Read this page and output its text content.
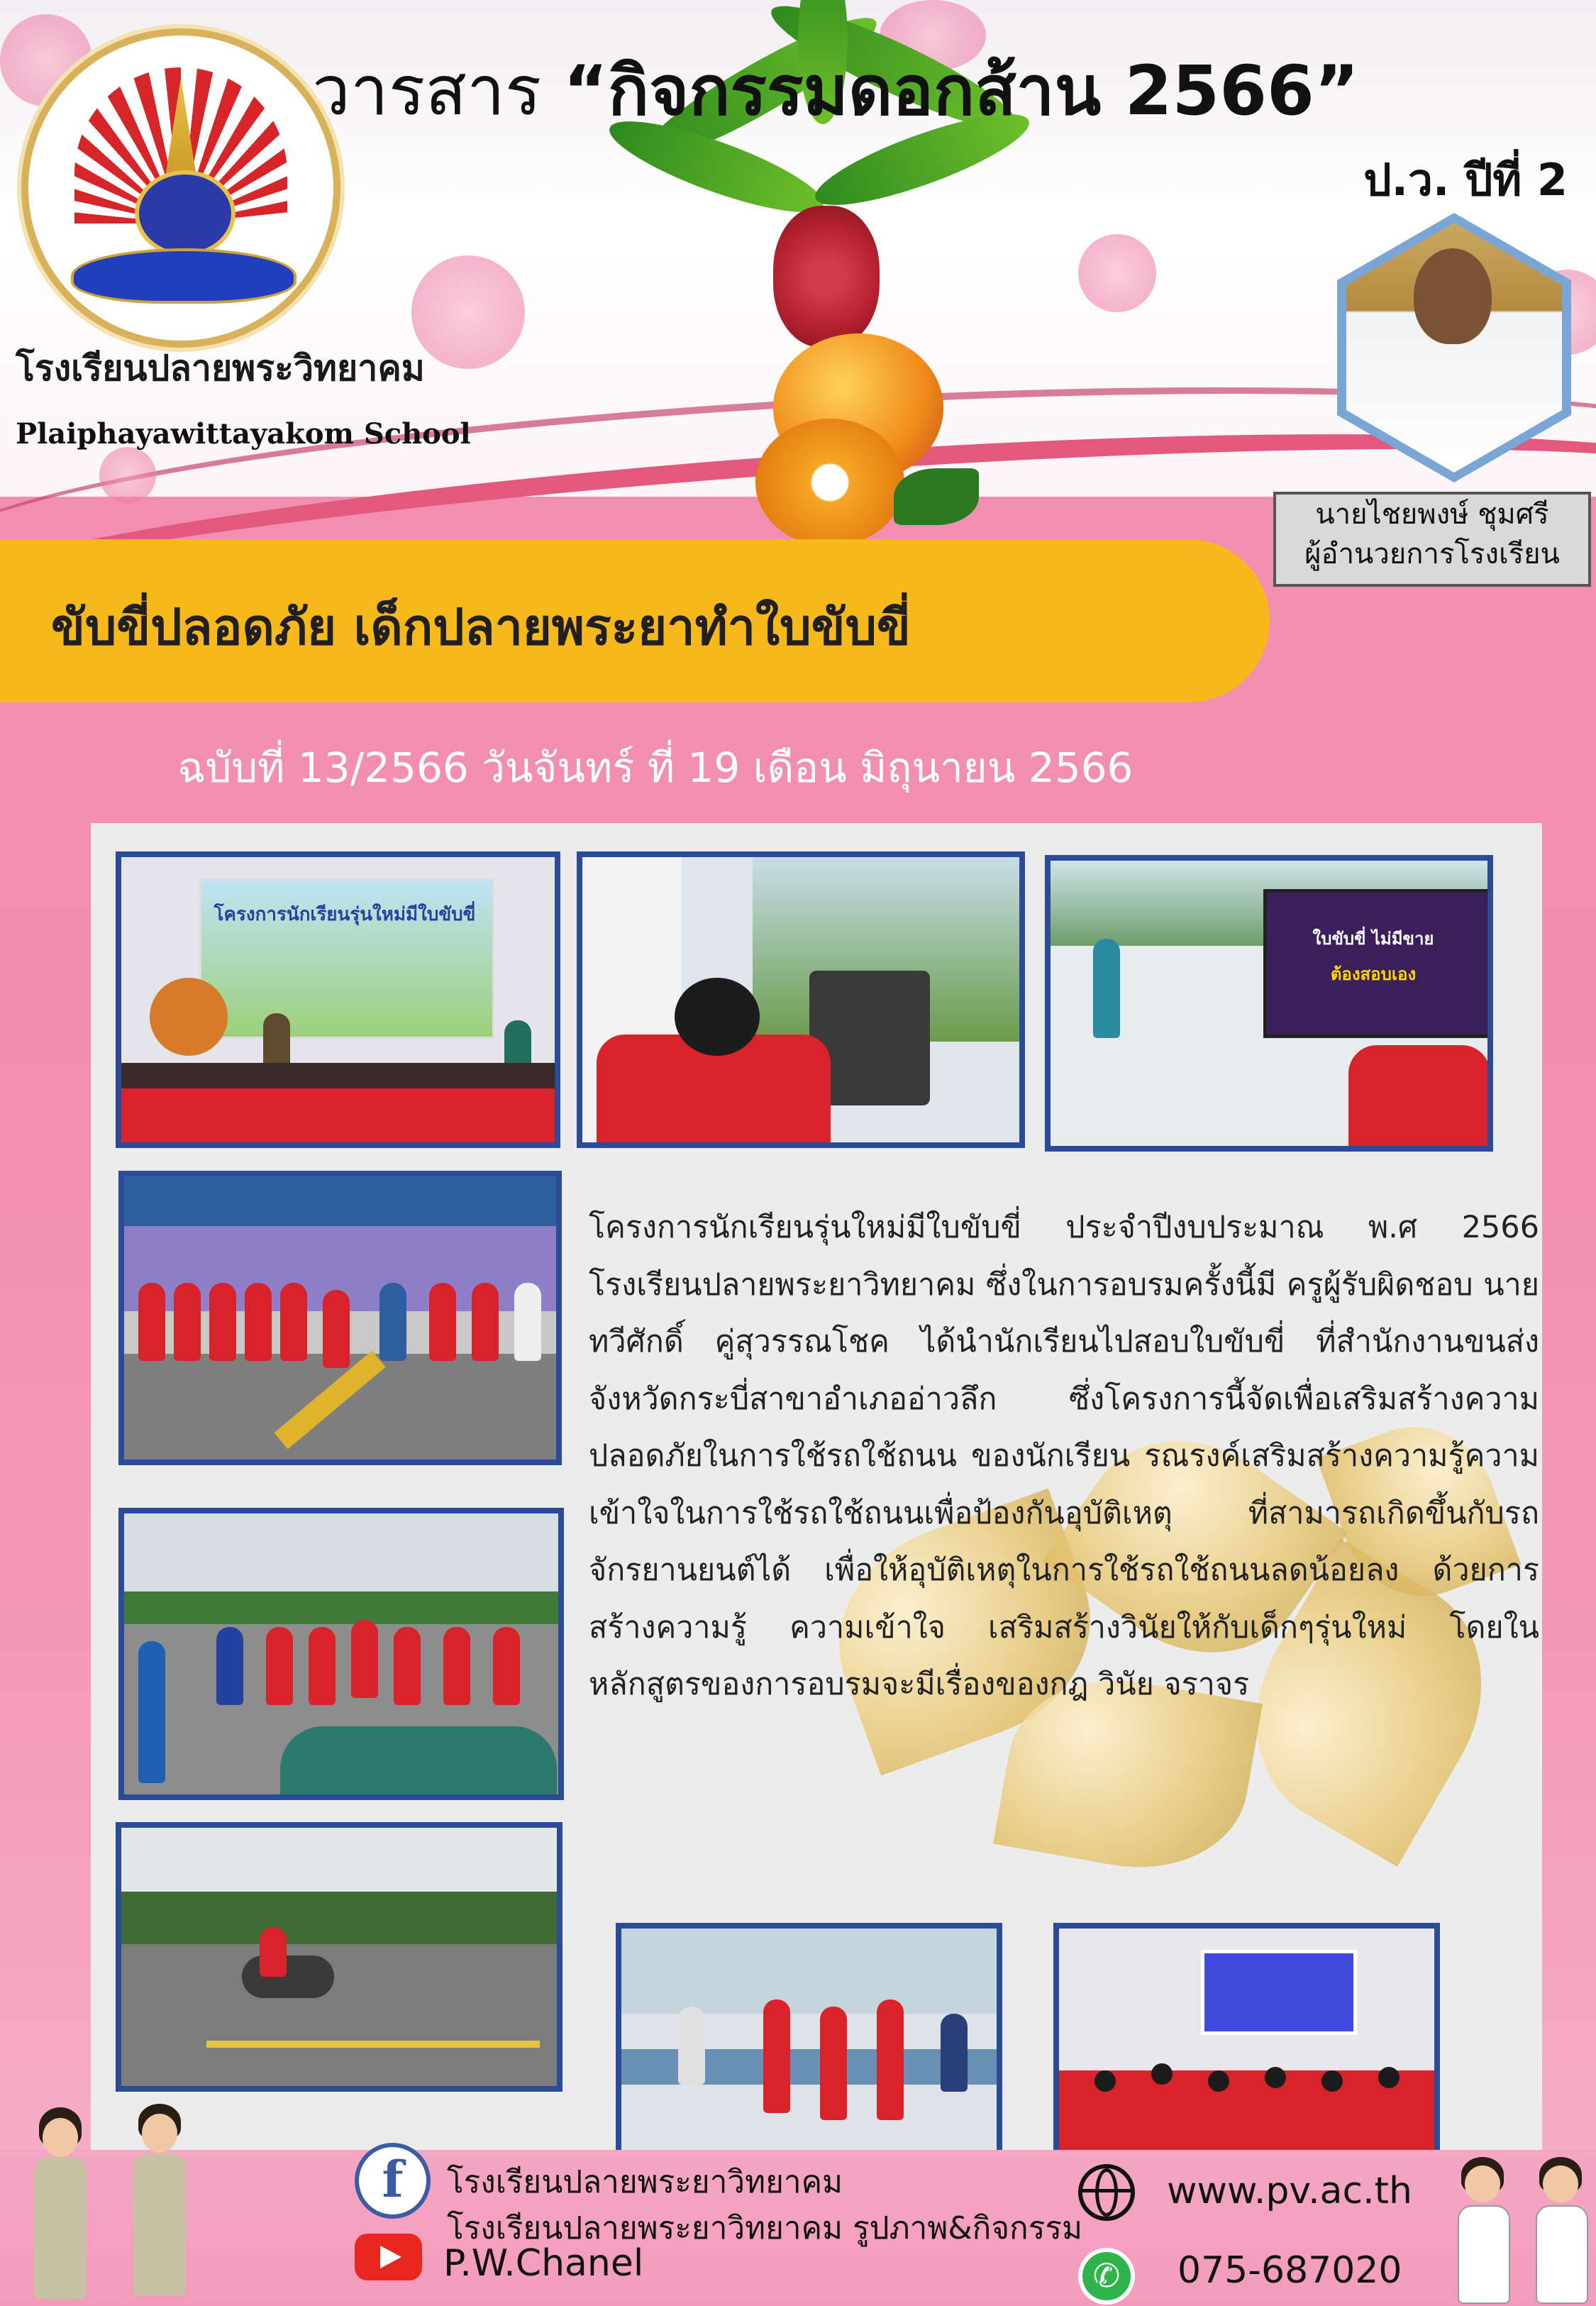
โรงเรียนปลายพระวิทยาคม
Plaiphayawittayakom School
วารสาร “กิจกรรมดอกส้าน 2566”
ป.ว. ปีที่ 2
นายไชยพงษ์ ชุมศรี
ผู้อำนวยการโรงเรียน
ขับขี่ปลอดภัย เด็กปลายพระยาทำใบขับขี่
ฉบับที่ 13/2566 วันจันทร์ ที่ 19 เดือน มิถุนายน 2566
โครงการนักเรียนรุ่นใหม่มีใบขับขี่
ใบขับขี่ ไม่มีขาย
ต้องสอบเอง
โครงการนักเรียนรุ่นใหม่มีใบขับขี่ ประจำปีงบประมาณ พ.ศ 2566 โรงเรียนปลายพระยาวิทยาคม ซึ่งในการอบรมครั้งนี้มี ครูผู้รับผิดชอบ นายทวีศักดิ์ คู่สุวรรณโชค ได้นำนักเรียนไปสอบใบขับขี่ ที่สำนักงานขนส่งจังหวัดกระบี่สาขาอำเภออ่าวลึก ซึ่งโครงการนี้จัดเพื่อเสริมสร้างความปลอดภัยในการใช้รถใช้ถนน ของนักเรียน รณรงค์เสริมสร้างความรู้ความเข้าใจในการใช้รถใช้ถนนเพื่อป้องกันอุบัติเหตุ ที่สามารถเกิดขึ้นกับรถจักรยานยนต์ได้ เพื่อให้อุบัติเหตุในการใช้รถใช้ถนนลดน้อยลง ด้วยการสร้างความรู้ ความเข้าใจ เสริมสร้างวินัยให้กับเด็กๆรุ่นใหม่ โดยในหลักสูตรของการอบรมจะมีเรื่องของกฎ วินัย จราจร
f	โรงเรียนปลายพระยาวิทยาคม
โรงเรียนปลายพระยาวิทยาคม รูปภาพ&กิจกรรม
P.W.Chanel
www.pv.ac.th
✆ 075-687020
